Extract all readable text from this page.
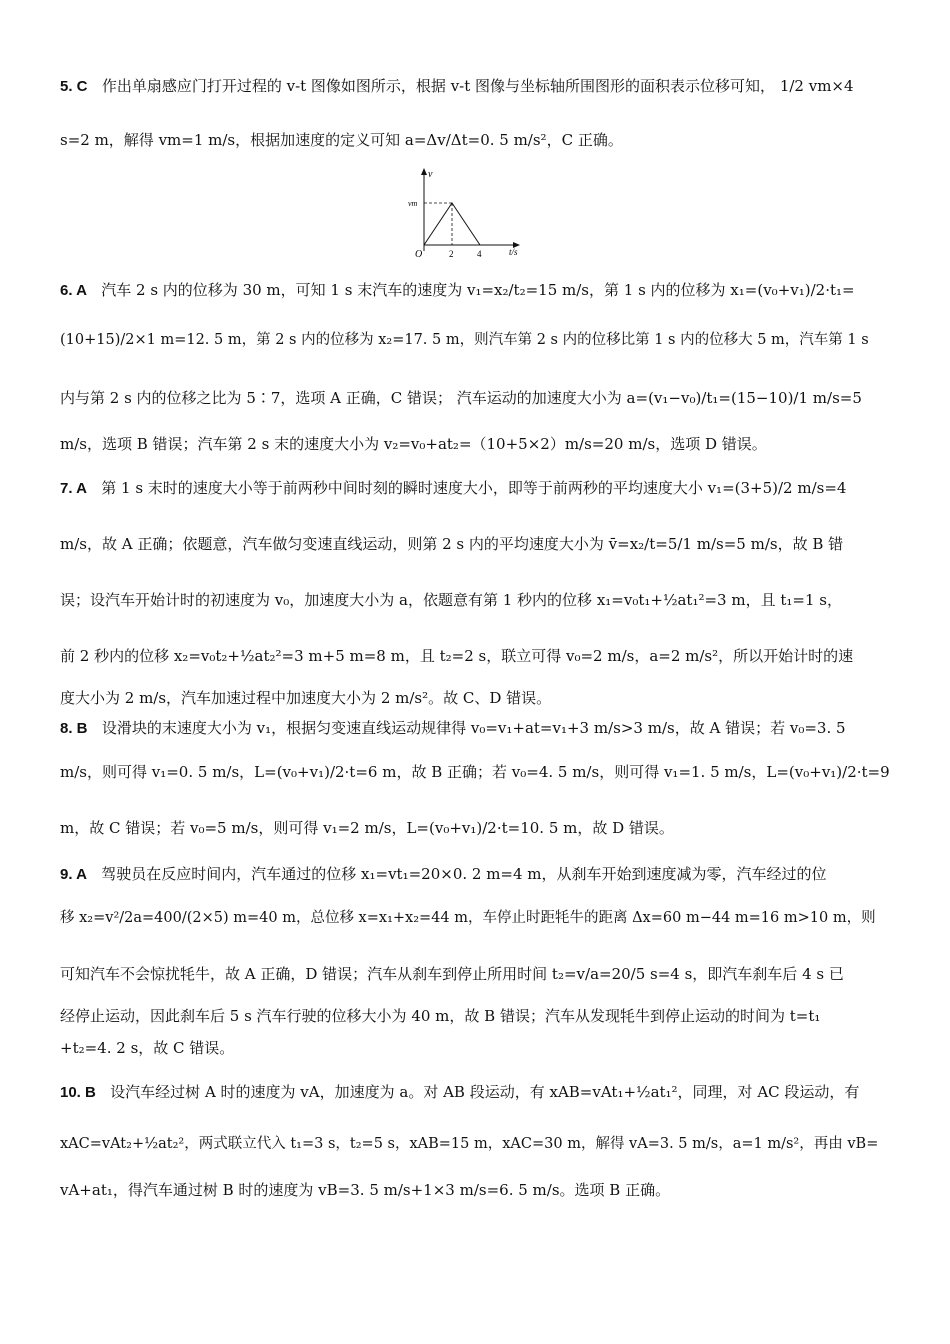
5. C 作出单扇感应门打开过程的 v-t 图像如图所示，根据 v-t 图像与坐标轴所围图形的面积表示位移可知， 1/2 vm×4
s=2 m，解得 vm=1 m/s，根据加速度的定义可知 a=Δv/Δt=0. 5 m/s²，C 正确。
v
vm
O	2	4	t/s
6. A 汽车 2 s 内的位移为 30 m，可知 1 s 末汽车的速度为 v₁=x₂/t₂=15 m/s，第 1 s 内的位移为 x₁=(v₀+v₁)/2·t₁=
(10+15)/2×1 m=12. 5 m，第 2 s 内的位移为 x₂=17. 5 m，则汽车第 2 s 内的位移比第 1 s 内的位移大 5 m，汽车第 1 s
内与第 2 s 内的位移之比为 5∶7，选项 A 正确，C 错误； 汽车运动的加速度大小为 a=(v₁−v₀)/t₁=(15−10)/1 m/s=5
m/s，选项 B 错误；汽车第 2 s 末的速度大小为 v₂=v₀+at₂=（10+5×2）m/s=20 m/s，选项 D 错误。
7. A 第 1 s 末时的速度大小等于前两秒中间时刻的瞬时速度大小，即等于前两秒的平均速度大小 v₁=(3+5)/2 m/s=4
m/s，故 A 正确；依题意，汽车做匀变速直线运动，则第 2 s 内的平均速度大小为 v̄=x₂/t=5/1 m/s=5 m/s，故 B 错
误；设汽车开始计时的初速度为 v₀，加速度大小为 a，依题意有第 1 秒内的位移 x₁=v₀t₁+½at₁²=3 m，且 t₁=1 s，
前 2 秒内的位移 x₂=v₀t₂+½at₂²=3 m+5 m=8 m，且 t₂=2 s，联立可得 v₀=2 m/s，a=2 m/s²，所以开始计时的速
度大小为 2 m/s，汽车加速过程中加速度大小为 2 m/s²。故 C、D 错误。
8. B 设滑块的末速度大小为 v₁，根据匀变速直线运动规律得 v₀=v₁+at=v₁+3 m/s>3 m/s，故 A 错误；若 v₀=3. 5
m/s，则可得 v₁=0. 5 m/s，L=(v₀+v₁)/2·t=6 m，故 B 正确；若 v₀=4. 5 m/s，则可得 v₁=1. 5 m/s，L=(v₀+v₁)/2·t=9
m，故 C 错误；若 v₀=5 m/s，则可得 v₁=2 m/s，L=(v₀+v₁)/2·t=10. 5 m，故 D 错误。
9. A 驾驶员在反应时间内，汽车通过的位移 x₁=vt₁=20×0. 2 m=4 m，从刹车开始到速度减为零，汽车经过的位
移 x₂=v²/2a=400/(2×5) m=40 m，总位移 x=x₁+x₂=44 m，车停止时距牦牛的距离 Δx=60 m−44 m=16 m>10 m，则
可知汽车不会惊扰牦牛，故 A 正确，D 错误；汽车从刹车到停止所用时间 t₂=v/a=20/5 s=4 s，即汽车刹车后 4 s 已
经停止运动，因此刹车后 5 s 汽车行驶的位移大小为 40 m，故 B 错误；汽车从发现牦牛到停止运动的时间为 t=t₁
+t₂=4. 2 s，故 C 错误。
10. B 设汽车经过树 A 时的速度为 vA，加速度为 a。对 AB 段运动，有 xAB=vAt₁+½at₁²，同理，对 AC 段运动，有
xAC=vAt₂+½at₂²，两式联立代入 t₁=3 s，t₂=5 s，xAB=15 m，xAC=30 m，解得 vA=3. 5 m/s，a=1 m/s²，再由 vB=
vA+at₁，得汽车通过树 B 时的速度为 vB=3. 5 m/s+1×3 m/s=6. 5 m/s。选项 B 正确。
